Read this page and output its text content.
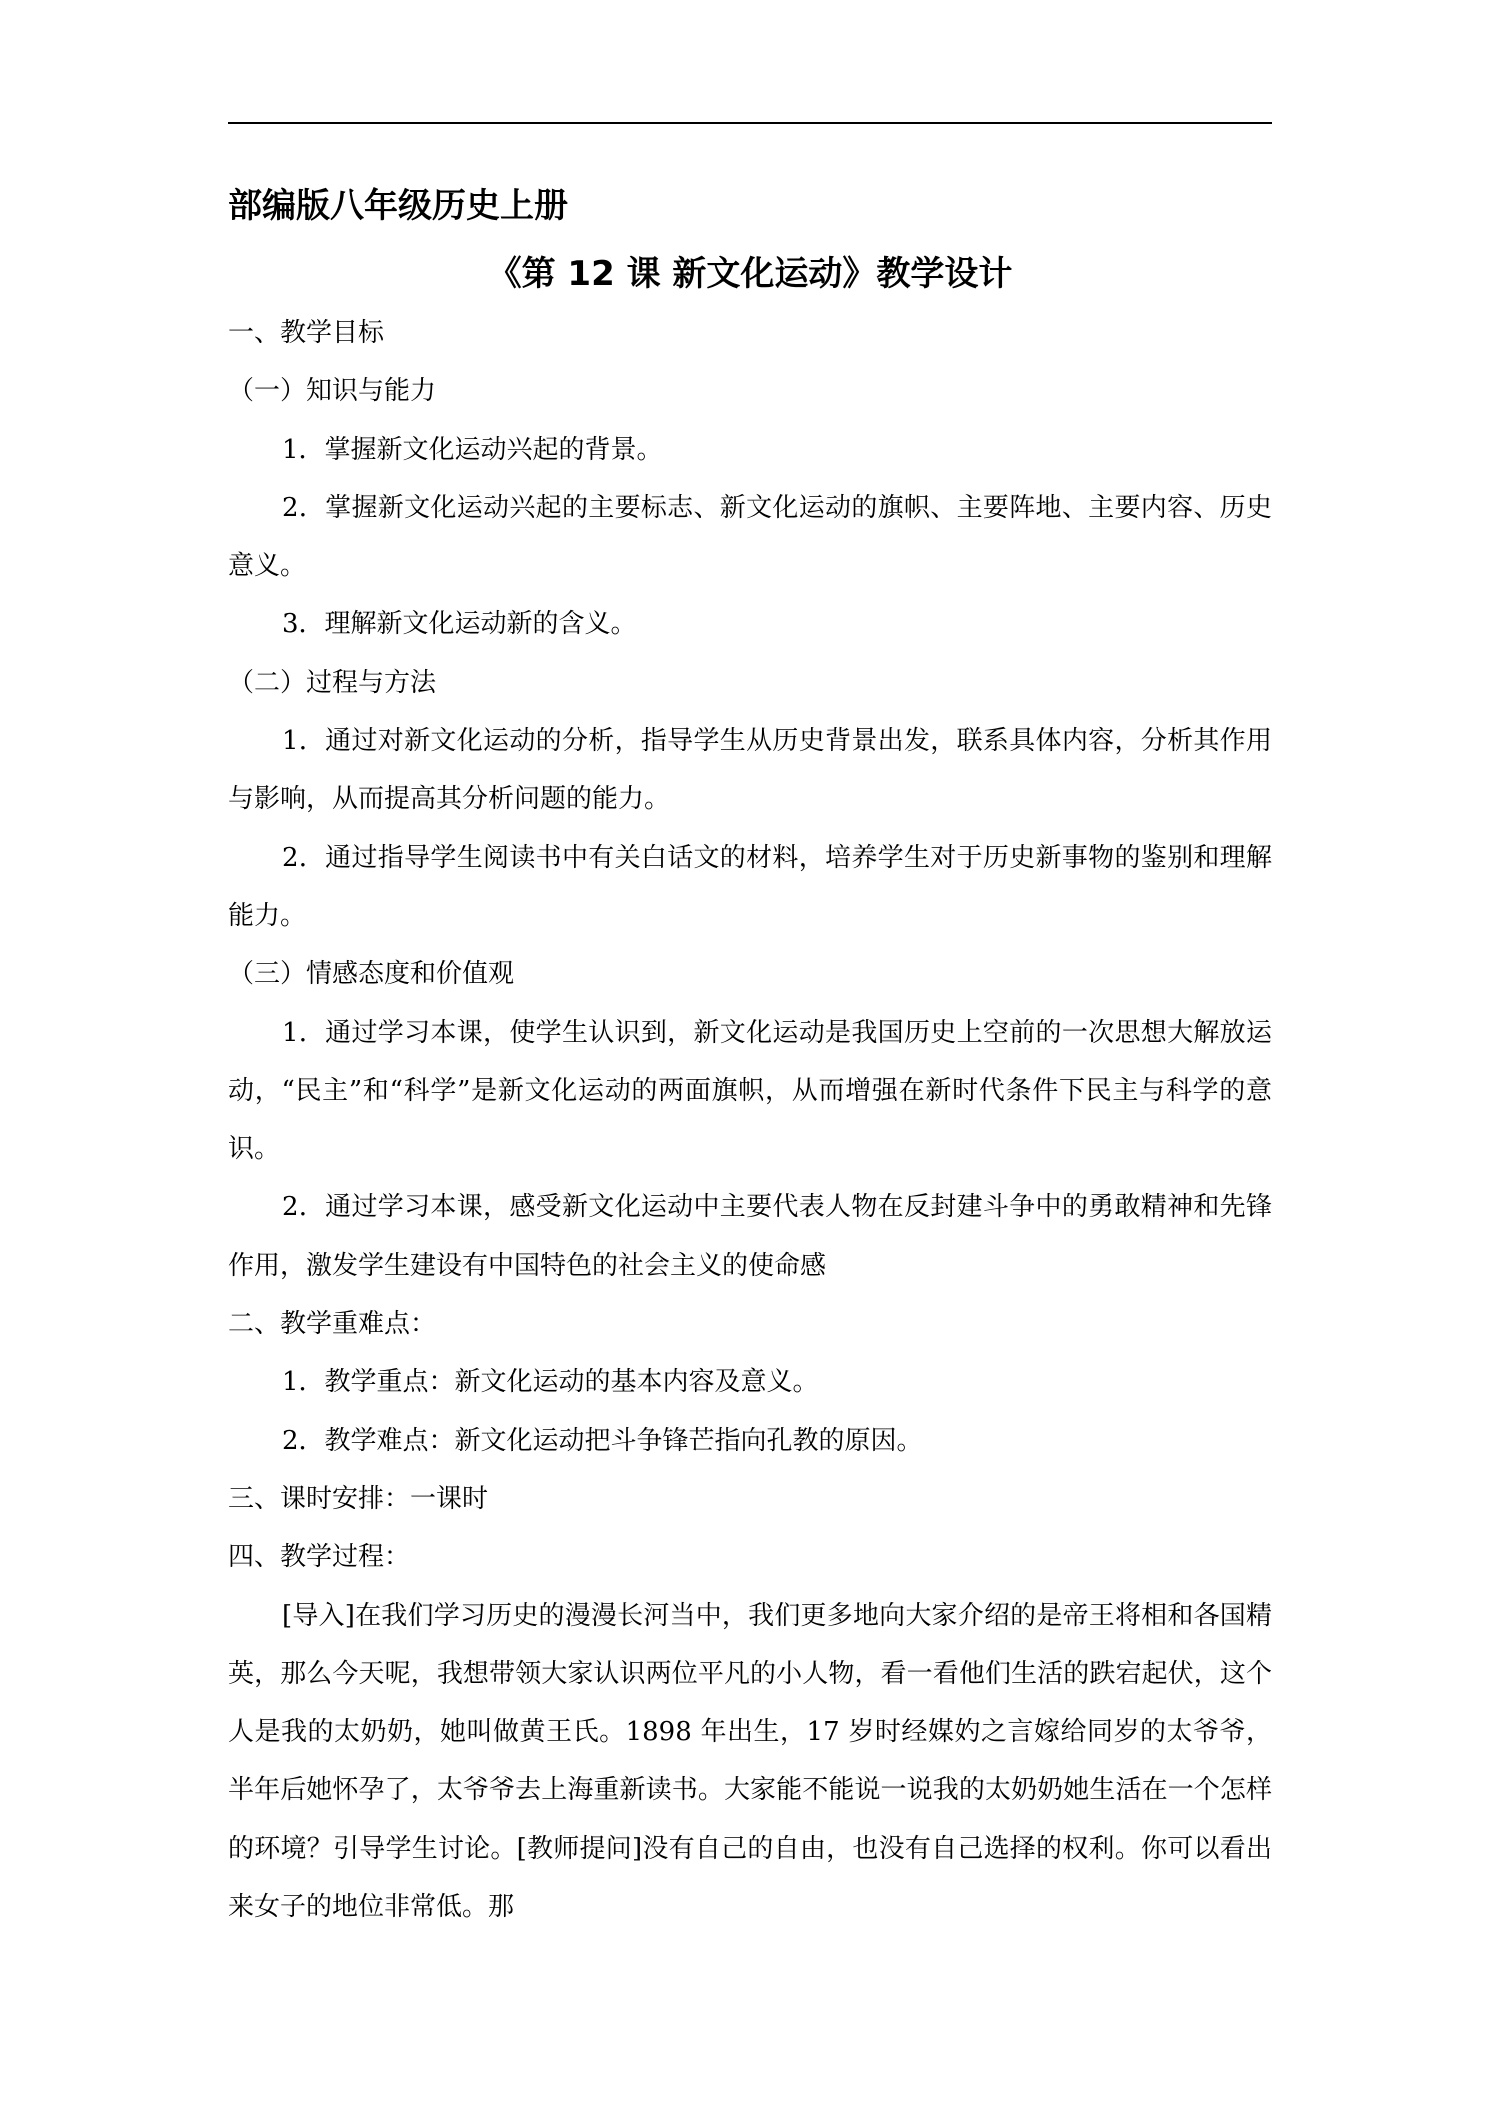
部编版八年级历史上册
《第 12 课 新文化运动》教学设计

一、教学目标

（一）知识与能力

1．掌握新文化运动兴起的背景。

2．掌握新文化运动兴起的主要标志、新文化运动的旗帜、主要阵地、主要内容、历史意义。

3．理解新文化运动新的含义。

（二）过程与方法

1．通过对新文化运动的分析，指导学生从历史背景出发，联系具体内容，分析其作用与影响，从而提高其分析问题的能力。

2．通过指导学生阅读书中有关白话文的材料，培养学生对于历史新事物的鉴别和理解能力。

（三）情感态度和价值观

1．通过学习本课，使学生认识到，新文化运动是我国历史上空前的一次思想大解放运动，“民主”和“科学”是新文化运动的两面旗帜，从而增强在新时代条件下民主与科学的意识。

2．通过学习本课，感受新文化运动中主要代表人物在反封建斗争中的勇敢精神和先锋作用，激发学生建设有中国特色的社会主义的使命感

二、教学重难点：

1．教学重点：新文化运动的基本内容及意义。

2．教学难点：新文化运动把斗争锋芒指向孔教的原因。

三、课时安排：一课时

四、教学过程：

[导入]在我们学习历史的漫漫长河当中，我们更多地向大家介绍的是帝王将相和各国精英，那么今天呢，我想带领大家认识两位平凡的小人物，看一看他们生活的跌宕起伏，这个人是我的太奶奶，她叫做黄王氏。1898 年出生，17 岁时经媒妁之言嫁给同岁的太爷爷，半年后她怀孕了，太爷爷去上海重新读书。大家能不能说一说我的太奶奶她生活在一个怎样的环境？引导学生讨论。[教师提问]没有自己的自由，也没有自己选择的权利。你可以看出来女子的地位非常低。那
